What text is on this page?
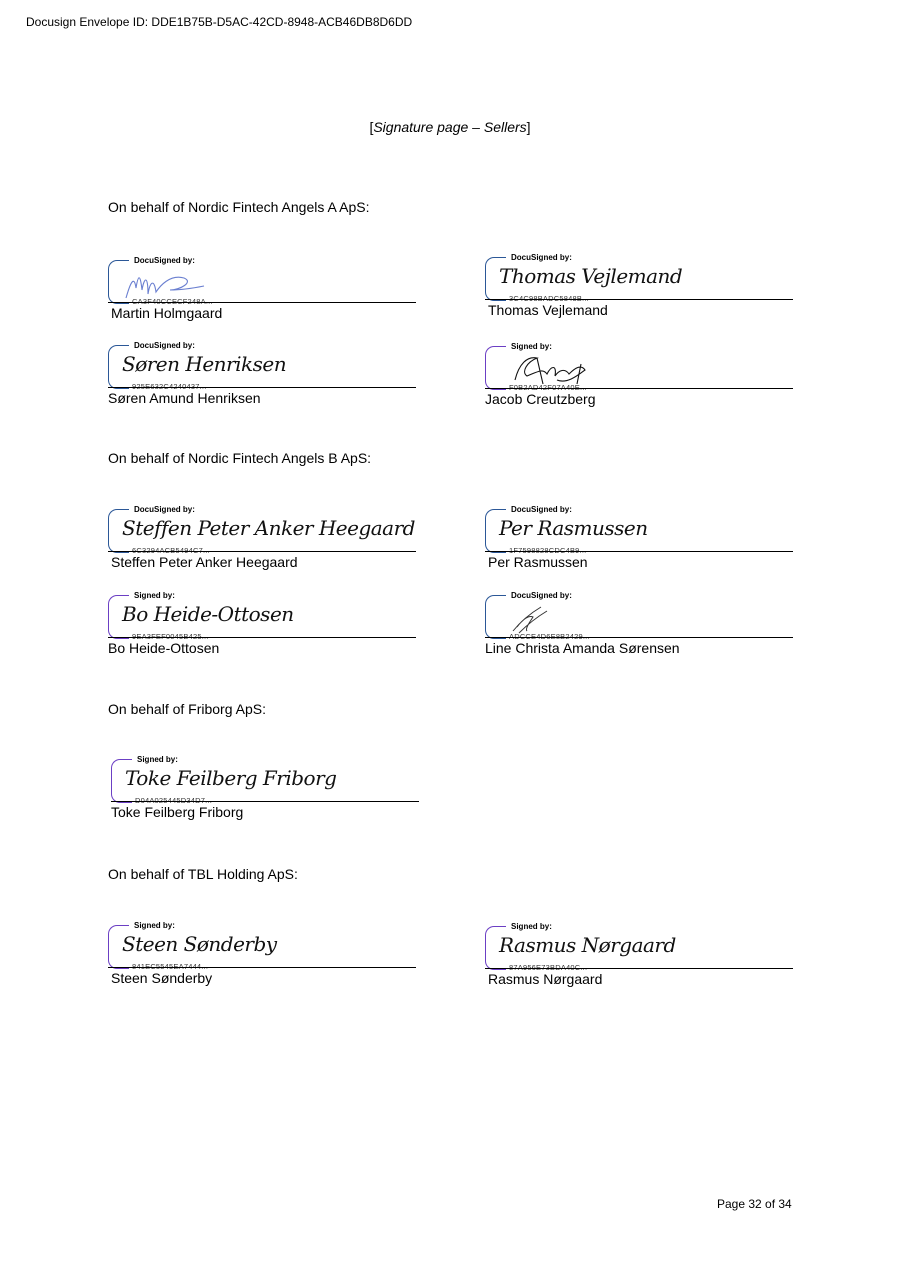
Docusign Envelope ID: DDE1B75B-D5AC-42CD-8948-ACB46DB8D6DD
[Signature page – Sellers]
On behalf of Nordic Fintech Angels A ApS:
DocuSigned by:
CA3F40CCECF248A...
Martin Holmgaard
DocuSigned by:
Thomas Vejlemand
3C4C98BADC5848B...
Thomas Vejlemand
DocuSigned by:
Søren Henriksen
925E632C4240437...
Søren Amund Henriksen
Signed by:
F0B2AD42F07A40E...
Jacob Creutzberg
On behalf of Nordic Fintech Angels B ApS:
DocuSigned by:
Steffen Peter Anker Heegaard
6C3294ACB5494C7...
Steffen Peter Anker Heegaard
DocuSigned by:
Per Rasmussen
1F7598828CDC4B9...
Per Rasmussen
Signed by:
Bo Heide-Ottosen
9EA3FEF0045B425...
Bo Heide-Ottosen
DocuSigned by:
ADCCE4D6E8B2429...
Line Christa Amanda Sørensen
On behalf of Friborg ApS:
Signed by:
Toke Feilberg Friborg
D04A025445D34D7...
Toke Feilberg Friborg
On behalf of TBL Holding ApS:
Signed by:
Steen Sønderby
841EC5545EA7444...
Steen Sønderby
Signed by:
Rasmus Nørgaard
87A956E73BDA40C...
Rasmus Nørgaard
Page 32 of 34
